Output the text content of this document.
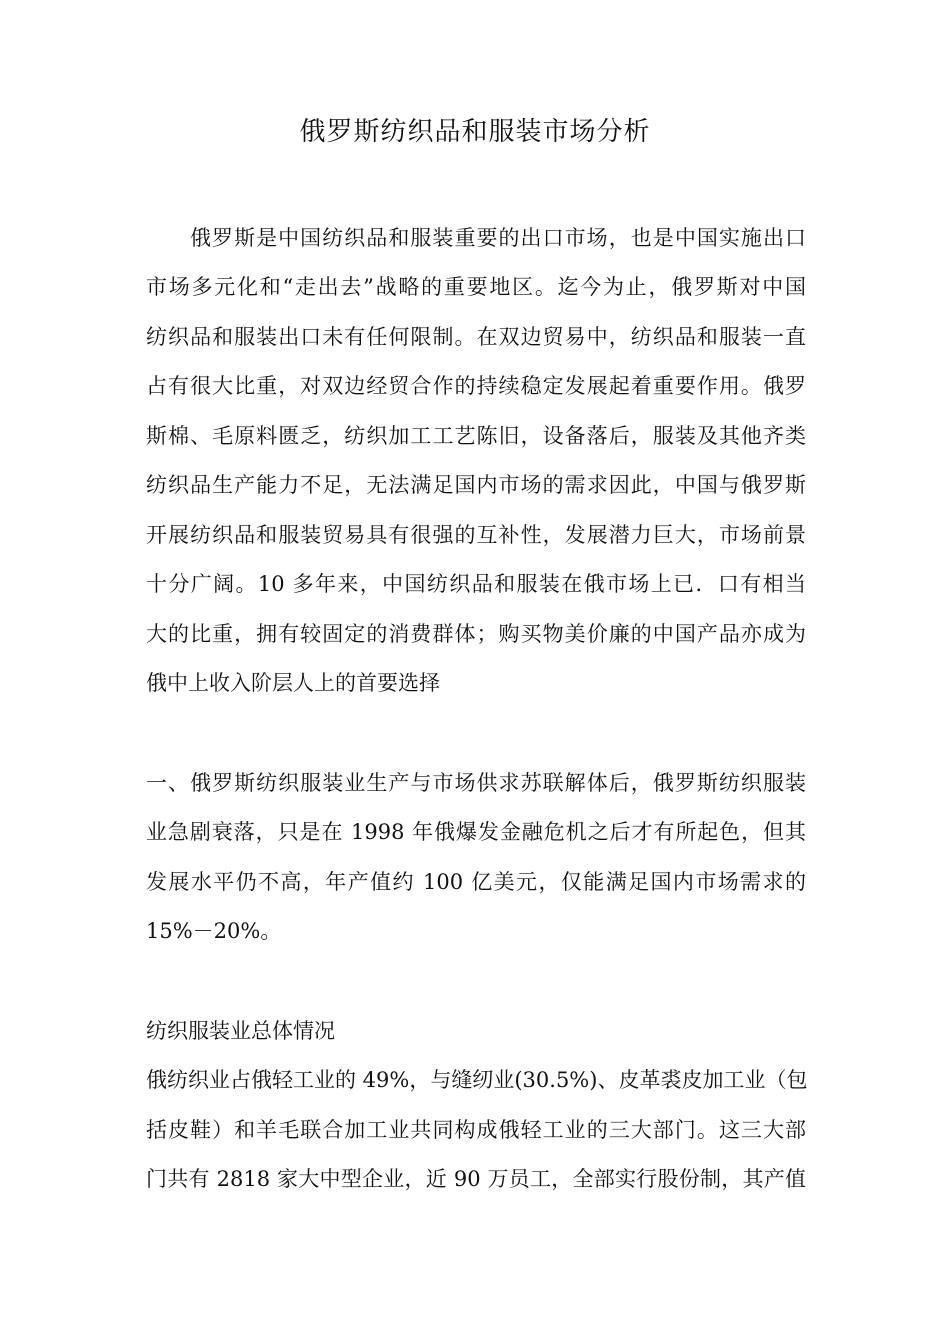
俄罗斯纺织品和服装市场分析
俄罗斯是中国纺织品和服装重要的出口市场，也是中国实施出口
市场多元化和“走出去”战略的重要地区。迄今为止，俄罗斯对中国
纺织品和服装出口未有任何限制。在双边贸易中，纺织品和服装一直
占有很大比重，对双边经贸合作的持续稳定发展起着重要作用。俄罗
斯棉、毛原料匮乏，纺织加工工艺陈旧，设备落后，服装及其他齐类
纺织品生产能力不足，无法满足国内市场的需求因此，中国与俄罗斯
开展纺织品和服装贸易具有很强的互补性，发展潜力巨大，市场前景
十分广阔。10 多年来，中国纺织品和服装在俄市场上已．口有相当
大的比重，拥有较固定的消费群体；购买物美价廉的中国产品亦成为
俄中上收入阶层人上的首要选择
一、俄罗斯纺织服装业生产与市场供求苏联解体后，俄罗斯纺织服装
业急剧衰落，只是在 1998 年俄爆发金融危机之后才有所起色，但其
发展水平仍不高，年产值约 100 亿美元，仅能满足国内市场需求的
15%－20%。
纺织服装业总体情况
俄纺织业占俄轻工业的 49%，与缝纫业(30.5%)、皮革裘皮加工业（包
括皮鞋）和羊毛联合加工业共同构成俄轻工业的三大部门。这三大部
门共有 2818 家大中型企业，近 90 万员工，全部实行股份制，其产值
